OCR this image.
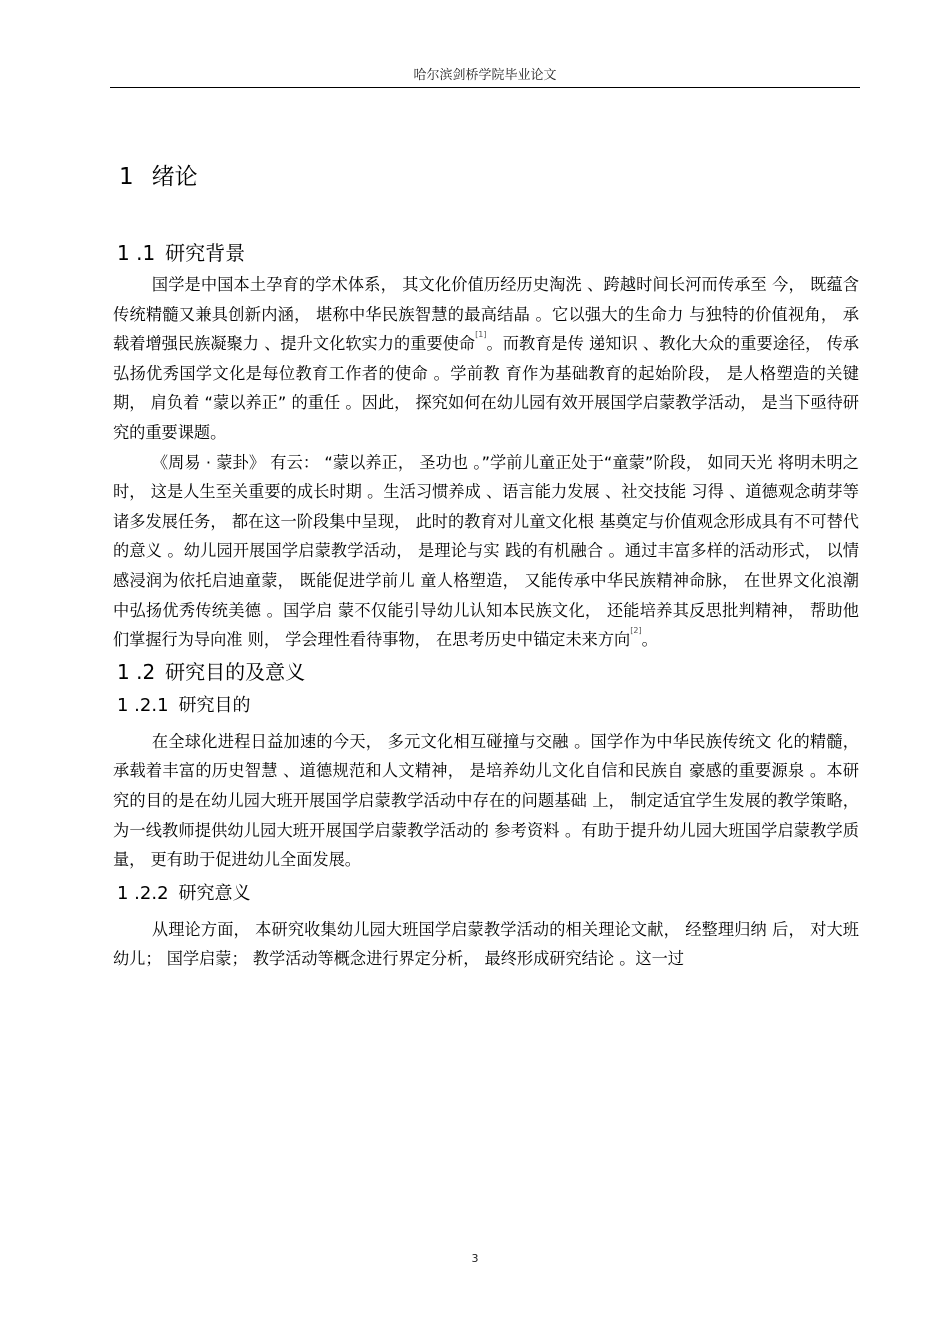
哈尔滨剑桥学院毕业论文
1 绪论
1 .1 研究背景

国学是中国本土孕育的学术体系， 其文化价值历经历史淘洗 、跨越时间长河而传承至 今， 既蕴含传统精髓又兼具创新内涵， 堪称中华民族智慧的最高结晶 。它以强大的生命力 与独特的价值视角， 承载着增强民族凝聚力 、提升文化软实力的重要使命[1]。而教育是传 递知识 、教化大众的重要途径， 传承弘扬优秀国学文化是每位教育工作者的使命 。学前教 育作为基础教育的起始阶段， 是人格塑造的关键期， 肩负着 “蒙以养正” 的重任 。因此， 探究如何在幼儿园有效开展国学启蒙教学活动， 是当下亟待研究的重要课题。

《周易 · 蒙卦》 有云： “蒙以养正， 圣功也 。”学前儿童正处于“童蒙”阶段， 如同天光 将明未明之时， 这是人生至关重要的成长时期 。生活习惯养成 、语言能力发展 、社交技能 习得 、道德观念萌芽等诸多发展任务， 都在这一阶段集中呈现， 此时的教育对儿童文化根 基奠定与价值观念形成具有不可替代的意义 。幼儿园开展国学启蒙教学活动， 是理论与实 践的有机融合 。通过丰富多样的活动形式， 以情感浸润为依托启迪童蒙， 既能促进学前儿 童人格塑造， 又能传承中华民族精神命脉， 在世界文化浪潮中弘扬优秀传统美德 。国学启 蒙不仅能引导幼儿认知本民族文化， 还能培养其反思批判精神， 帮助他们掌握行为导向准 则， 学会理性看待事物， 在思考历史中锚定未来方向[2]。

1 .2 研究目的及意义
1 .2.1 研究目的

在全球化进程日益加速的今天， 多元文化相互碰撞与交融 。国学作为中华民族传统文 化的精髓， 承载着丰富的历史智慧 、道德规范和人文精神， 是培养幼儿文化自信和民族自 豪感的重要源泉 。本研究的目的是在幼儿园大班开展国学启蒙教学活动中存在的问题基础 上， 制定适宜学生发展的教学策略， 为一线教师提供幼儿园大班开展国学启蒙教学活动的 参考资料 。有助于提升幼儿园大班国学启蒙教学质量， 更有助于促进幼儿全面发展。

1 .2.2 研究意义

从理论方面， 本研究收集幼儿园大班国学启蒙教学活动的相关理论文献， 经整理归纳 后， 对大班幼儿； 国学启蒙； 教学活动等概念进行界定分析， 最终形成研究结论 。这一过

3
